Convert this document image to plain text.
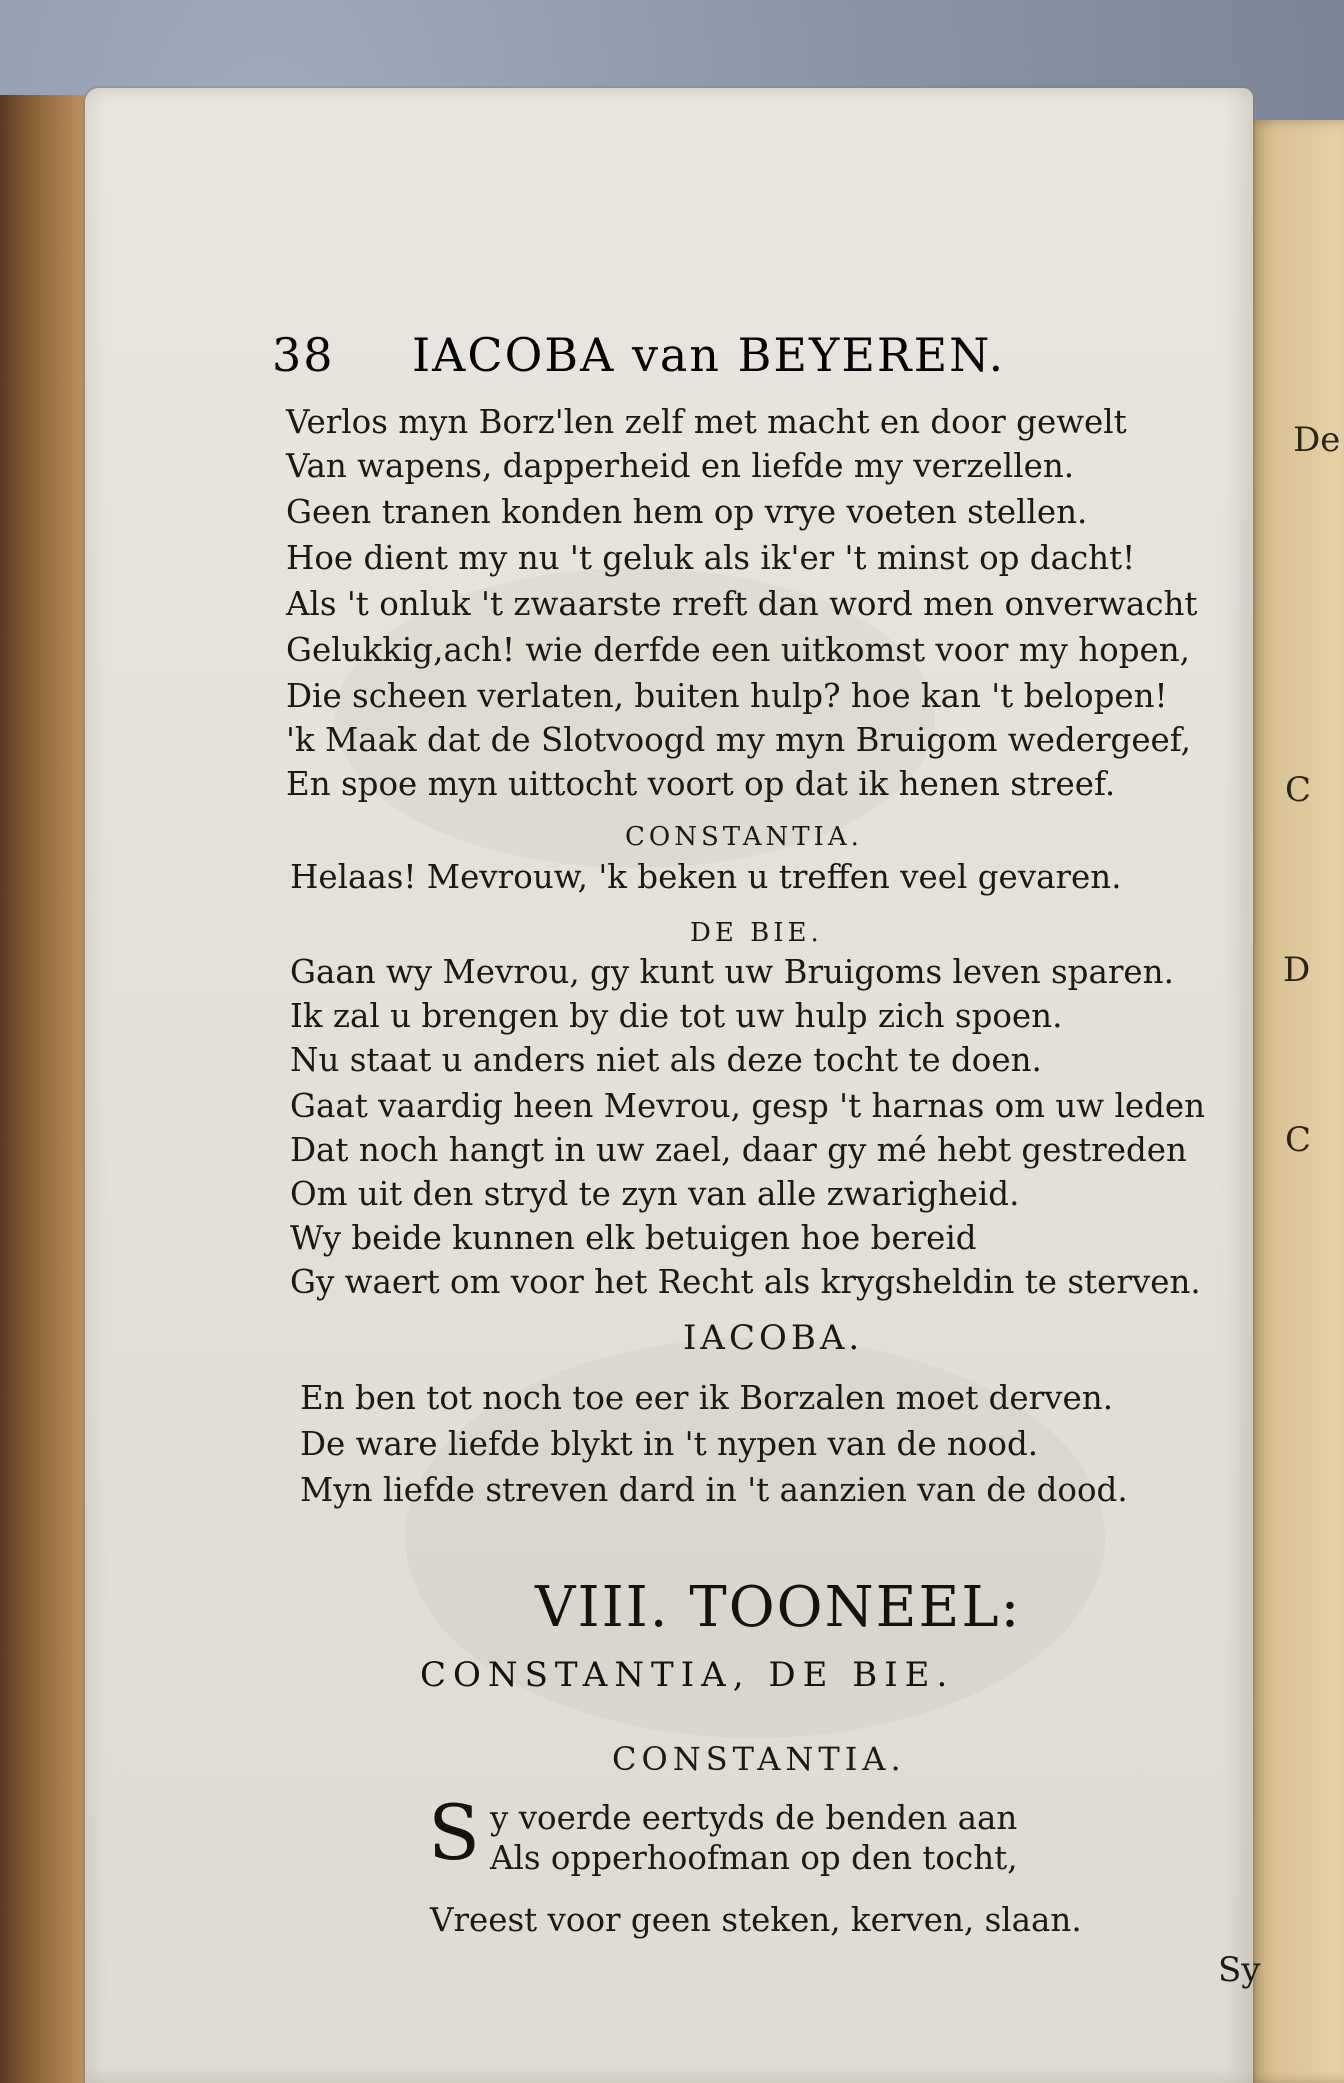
De
C
D
C
38 IACOBA van BEYEREN.
Verlos myn Borz'len zelf met macht en door gewelt
Van wapens, dapperheid en liefde my verzellen.
Geen tranen konden hem op vrye voeten stellen.
Hoe dient my nu 't geluk als ik'er 't minst op dacht!
Als 't onluk 't zwaarste rreft dan word men onverwacht
Gelukkig,ach! wie derfde een uitkomst voor my hopen,
Die scheen verlaten, buiten hulp? hoe kan 't belopen!
'k Maak dat de Slotvoogd my myn Bruigom wedergeef,
En spoe myn uittocht voort op dat ik henen streef.
CONSTANTIA.
Helaas! Mevrouw, 'k beken u treffen veel gevaren.
DE BIE.
Gaan wy Mevrou, gy kunt uw Bruigoms leven sparen.
Ik zal u brengen by die tot uw hulp zich spoen.
Nu staat u anders niet als deze tocht te doen.
Gaat vaardig heen Mevrou, gesp 't harnas om uw leden
Dat noch hangt in uw zael, daar gy mé hebt gestreden
Om uit den stryd te zyn van alle zwarigheid.
Wy beide kunnen elk betuigen hoe bereid
Gy waert om voor het Recht als krygsheldin te sterven.
IACOBA.
En ben tot noch toe eer ik Borzalen moet derven.
De ware liefde blykt in 't nypen van de nood.
Myn liefde streven dard in 't aanzien van de dood.
VIII. TOONEEL:
CONSTANTIA, DE BIE.
CONSTANTIA.
S y voerde eertyds de benden aan
Als opperhoofman op den tocht,
Vreest voor geen steken, kerven, slaan.
Sy
